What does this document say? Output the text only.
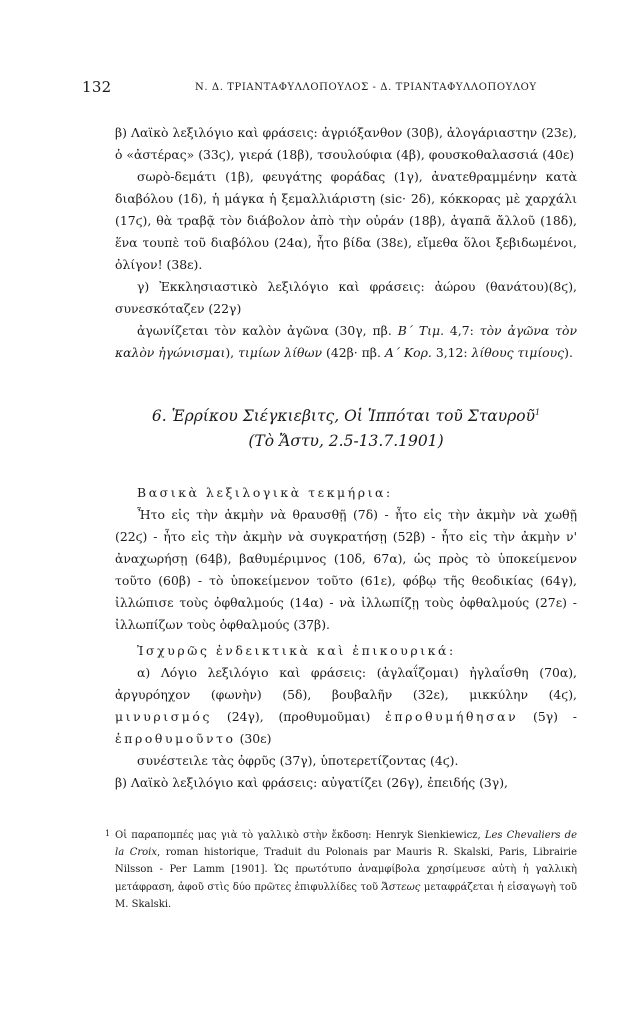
132	Ν. Δ. ΤΡΙΑΝΤΑΦΥΛΛΟΠΟΥΛΟΣ - Δ. ΤΡΙΑΝΤΑΦΥΛΛΟΠΟΥΛΟΥ

β) Λαϊκὸ λεξιλόγιο καὶ φράσεις: ἀγριόξανθον (30β), ἀλογάριαστην (23ε), ὁ «ἀστέρας» (33ϛ), γιερά (18β), τσουλούφια (4β), φουσκοθαλασσιά (40ε)

σωρὸ-δεμάτι (1β), φευγάτης φοράδας (1γ), ἀνατεθραμμένην κατὰ διαβόλου (1δ), ἡ μάγκα ἡ ξεμαλλιάριστη (sic· 2δ), κόκκορας μὲ χαρχάλι (17ϛ), θὰ τραβᾷ τὸν διάβολον ἀπὸ τὴν οὐράν (18β), ἀγαπᾶ ἄλλοῦ (18δ), ἕνα τουπὲ τοῦ διαβόλου (24α), ἦτο βίδα (38ε), εἴμεθα ὅλοι ξεβιδωμένοι, ὀλίγον! (38ε).

γ) Ἐκκλησιαστικὸ λεξιλόγιο καὶ φράσεις: ἀώρου (θανάτου)(8ϛ), συνεσκόταζεν (22γ)

ἀγωνίζεται τὸν καλὸν ἀγῶνα (30γ, πβ. Β΄ Τιμ. 4,7: τὸν ἀγῶνα τὸν καλὸν ἠγώνισμαι), τιμίων λίθων (42β· πβ. Α΄ Κορ. 3,12: λίθους τιμίους).

6. Ἑρρίκου Σιέγκιεβιτς, Οἱ Ἱππόται τοῦ Σταυροῦ$^1$
(Τὸ Ἄστυ, 2.5-13.7.1901)

Βασικὰ λεξιλογικὰ τεκμήρια:

Ἦτο εἰς τὴν ἀκμὴν νὰ θραυσθῇ (7δ) - ἦτο εἰς τὴν ἀκμὴν νὰ χωθῇ (22ϛ) - ἦτο εἰς τὴν ἀκμὴν νὰ συγκρατήσῃ (52β) - ἦτο εἰς τὴν ἀκμὴν ν' ἀναχωρήσῃ (64β), βαθυμέριμνος (10δ, 67α), ὡς πρὸς τὸ ὑποκείμενον τοῦτο (60β) - τὸ ὑποκείμενον τοῦτο (61ε), φόβῳ τῆς θεοδικίας (64γ), ἰλλώπισε τοὺς ὀφθαλμούς (14α) - νὰ ἰλλωπίζῃ τοὺς ὀφθαλμούς (27ε) - ἰλλωπίζων τοὺς ὀφθαλμούς (37β).

Ἰσχυρῶς ἐνδεικτικὰ καὶ ἐπικουρικά:

α) Λόγιο λεξιλόγιο καὶ φράσεις: (ἀγλαΐζομαι) ἠγλαΐσθη (70α), ἀργυρόηχον (φωνὴν) (5δ), βουβαλῆν (32ε), μικκύλην (4ϛ), μινυρισμός (24γ), (προθυμοῦμαι) ἐπροθυμήθησαν (5γ) - ἐπροθυμοῦντο (30ε)

συνέστειλε τὰς ὀφρῦς (37γ), ὑποτερετίζοντας (4ϛ).

β) Λαϊκὸ λεξιλόγιο καὶ φράσεις: αὐγατίζει (26γ), ἐπειδής (3γ),

1 Οἱ παραπομπές μας γιὰ τὸ γαλλικὸ στὴν ἔκδοση: Henryk Sienkiewicz, Les Chevaliers de la Croix, roman historique, Traduit du Polonais par Mauris R. Skalski, Paris, Librairie Nilsson - Per Lamm [1901]. Ὡς πρωτότυπο ἀναμφίβολα χρησίμευσε αὐτὴ ἡ γαλλικὴ μετάφραση, ἀφοῦ στὶς δύο πρῶτες ἐπιφυλλίδες τοῦ Ἄστεως μεταφράζεται ἡ εἰσαγωγὴ τοῦ M. Skalski.
